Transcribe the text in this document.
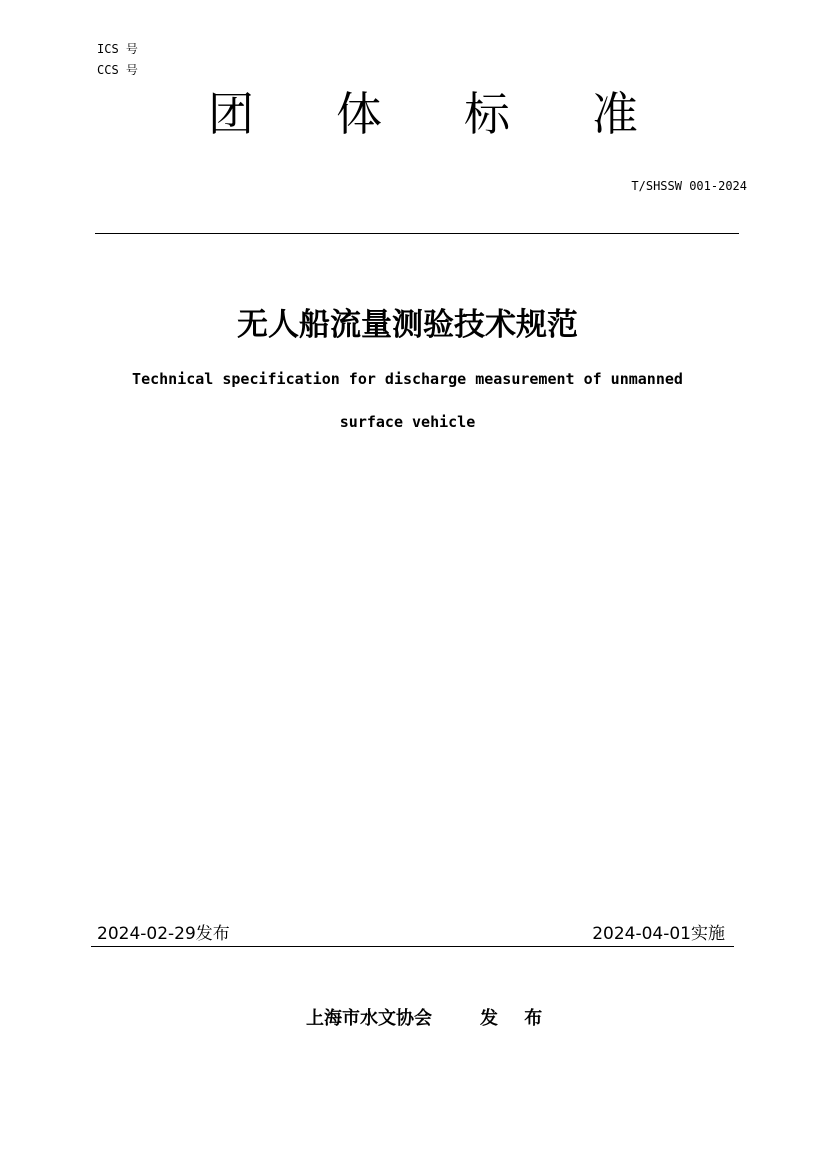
ICS 号
CCS 号
团 体 标 准
T/SHSSW 001-2024
无人船流量测验技术规范
Technical specification for discharge measurement of unmanned
surface vehicle
2024-02-29发布	2024-04-01实施
上海市水文协会	发 布
